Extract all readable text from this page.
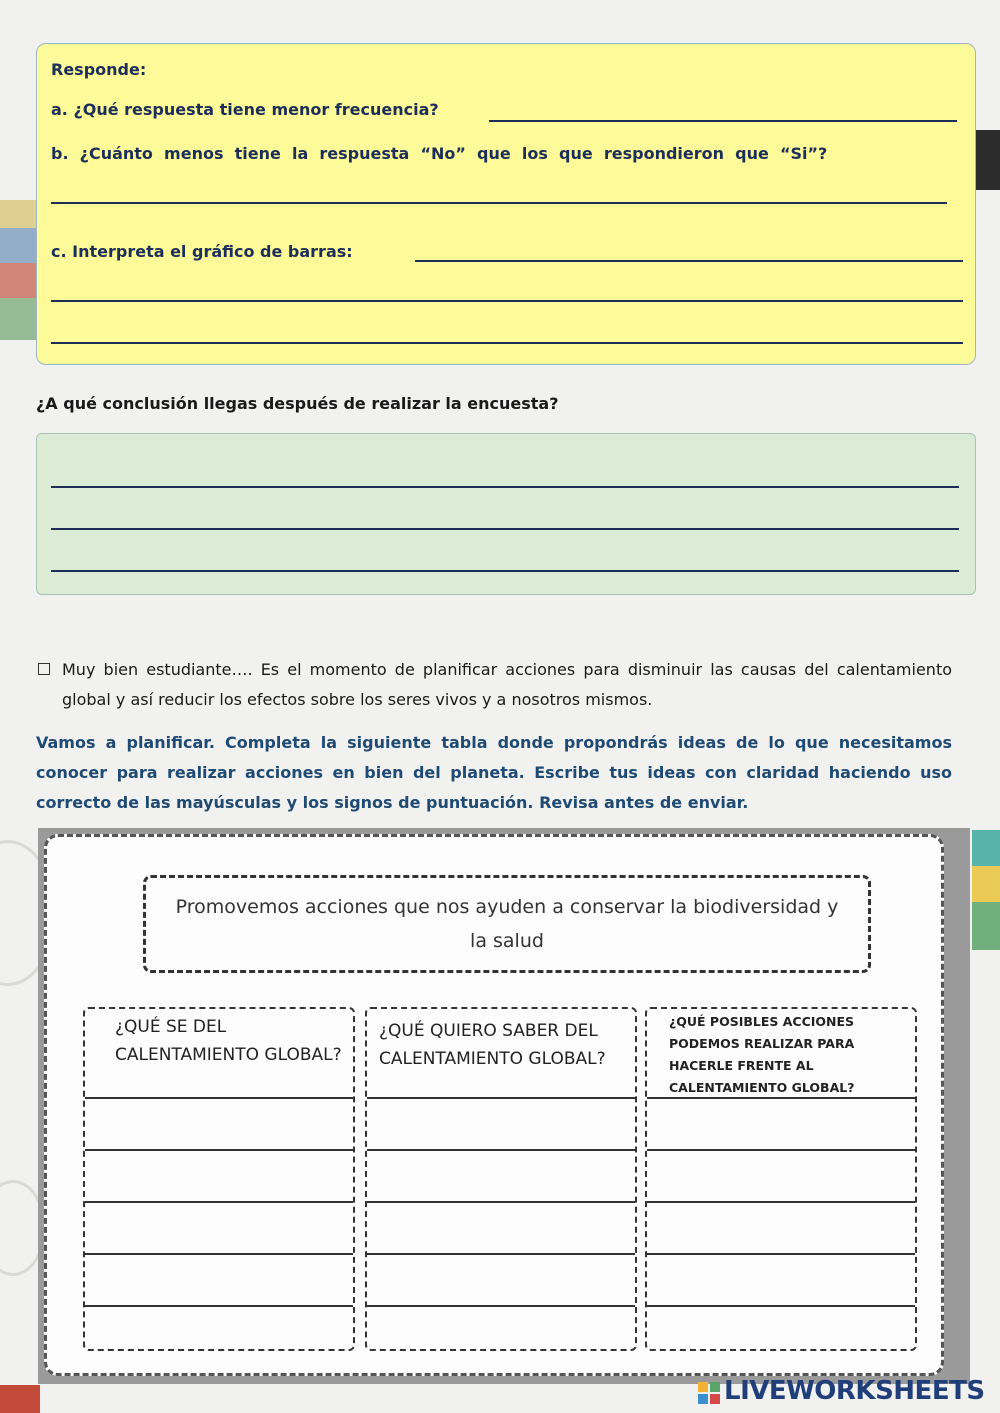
Responde:
a. ¿Qué respuesta tiene menor frecuencia?
b.  ¿Cuánto  menos  tiene  la  respuesta  “No”  que  los  que  respondieron  que  “Si”?
c. Interpreta el gráfico de barras:
¿A qué conclusión llegas después de realizar la encuesta?
Muy bien estudiante…. Es el momento de planificar acciones para disminuir las causas del calentamiento global y así reducir los efectos sobre los seres vivos y a nosotros mismos.
Vamos a planificar. Completa la siguiente tabla donde propondrás ideas de lo que necesitamos conocer para realizar acciones en bien del planeta. Escribe tus ideas con claridad haciendo uso correcto de las mayúsculas y los signos de puntuación. Revisa antes de enviar.
Promovemos acciones que nos ayuden a conservar la biodiversidad y la salud
¿QUÉ SE DEL CALENTAMIENTO GLOBAL?
¿QUÉ QUIERO SABER DEL CALENTAMIENTO GLOBAL?
¿QUÉ POSIBLES ACCIONES PODEMOS REALIZAR PARA HACERLE FRENTE AL CALENTAMIENTO GLOBAL?
LIVEWORKSHEETS
